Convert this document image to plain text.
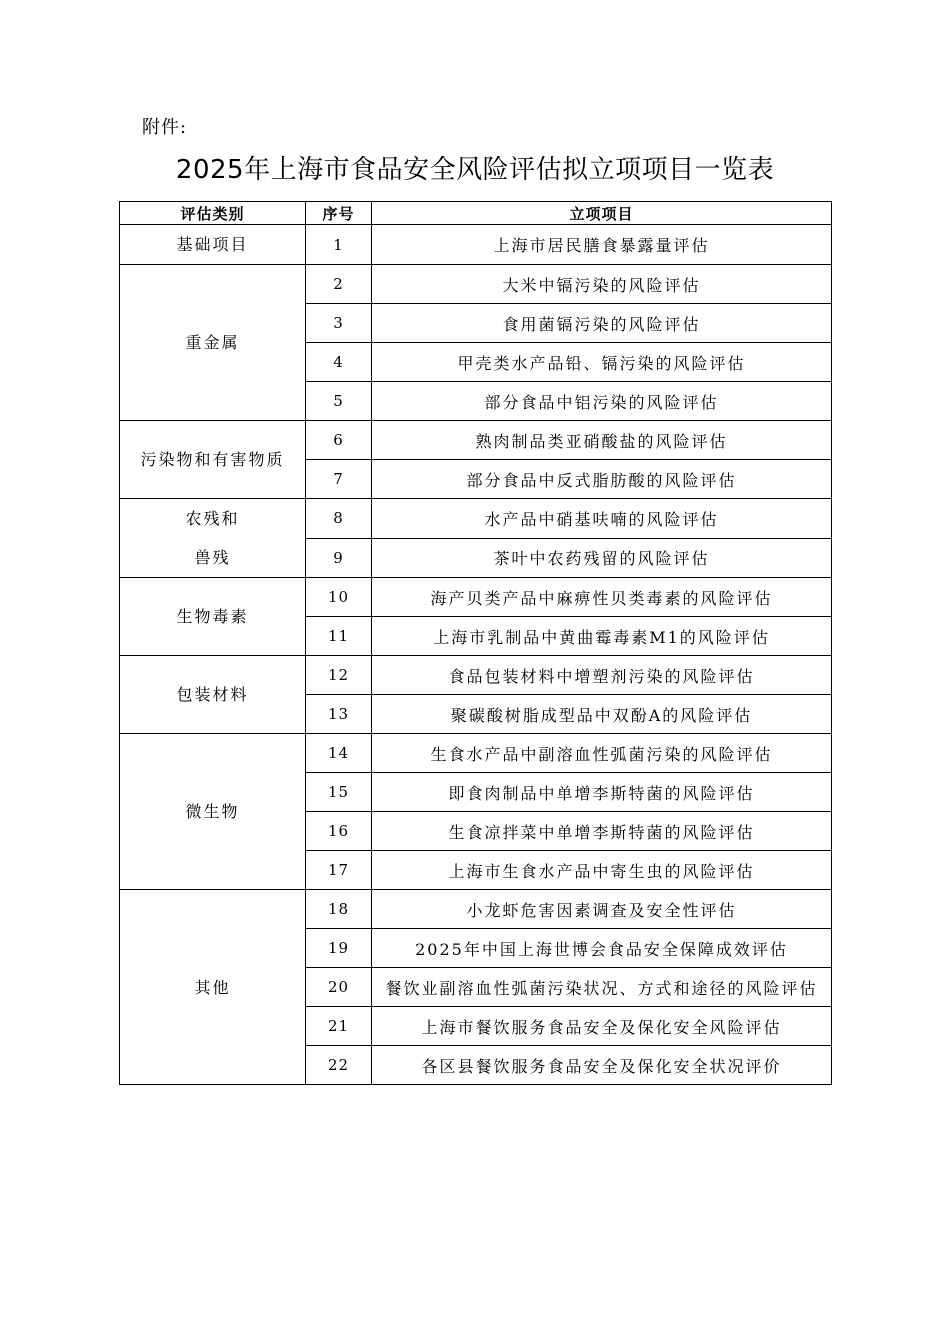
附件:
2025年上海市食品安全风险评估拟立项项目一览表
评估类别	序号	立项项目

基础项目	1	上海市居民膳食暴露量评估

重金属	2	大米中镉污染的风险评估
	3	食用菌镉污染的风险评估
	4	甲壳类水产品铅、镉污染的风险评估
	5	部分食品中铝污染的风险评估

污染物和有害物质	6	熟肉制品类亚硝酸盐的风险评估
	7	部分食品中反式脂肪酸的风险评估

农残和
兽残	8	水产品中硝基呋喃的风险评估
	9	茶叶中农药残留的风险评估

生物毒素	10	海产贝类产品中麻痹性贝类毒素的风险评估
	11	上海市乳制品中黄曲霉毒素M1的风险评估

包装材料	12	食品包装材料中增塑剂污染的风险评估
	13	聚碳酸树脂成型品中双酚A的风险评估

微生物	14	生食水产品中副溶血性弧菌污染的风险评估
	15	即食肉制品中单增李斯特菌的风险评估
	16	生食凉拌菜中单增李斯特菌的风险评估
	17	上海市生食水产品中寄生虫的风险评估

其他	18	小龙虾危害因素调查及安全性评估
	19	2025年中国上海世博会食品安全保障成效评估
	20	餐饮业副溶血性弧菌污染状况、方式和途径的风险评估
	21	上海市餐饮服务食品安全及保化安全风险评估
	22	各区县餐饮服务食品安全及保化安全状况评价
